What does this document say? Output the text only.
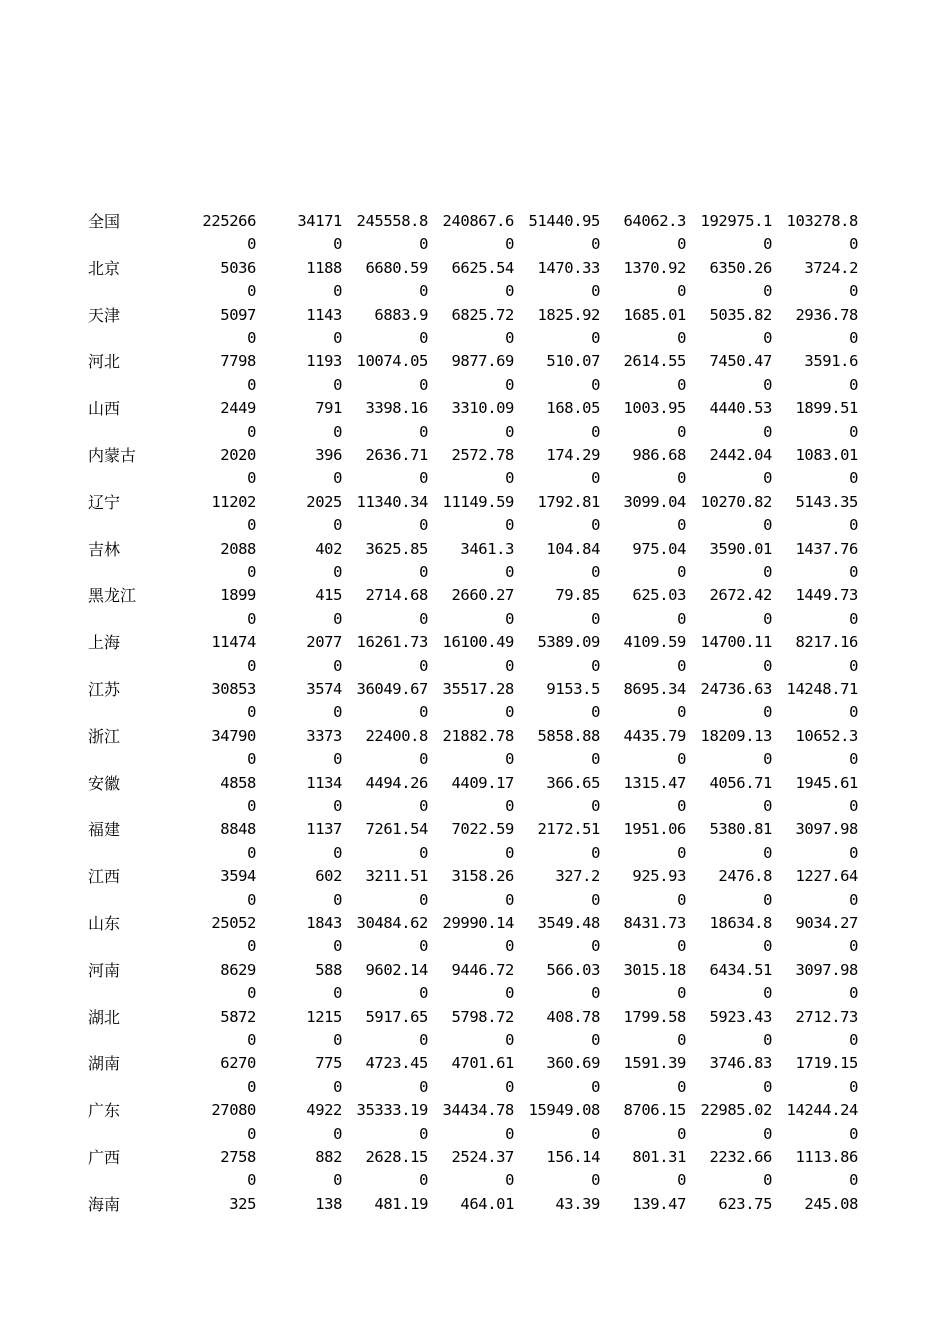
全国	225266	34171 245558.8 240867.6 51440.95	64062.3 192975.1 103278.8
0	0	0	0	0	0	0	0
北京	5036	1188	6680.59	6625.54	1470.33	1370.92	6350.26	3724.2
0	0	0	0	0	0	0	0
天津	5097	1143	6883.9	6825.72	1825.92	1685.01	5035.82	2936.78
0	0	0	0	0	0	0	0
河北	7798	1193 10074.05	9877.69	510.07	2614.55	7450.47	3591.6
0	0	0	0	0	0	0	0
山西	2449	791	3398.16	3310.09	168.05	1003.95	4440.53	1899.51
0	0	0	0	0	0	0	0
内蒙古	2020	396	2636.71	2572.78	174.29	986.68	2442.04	1083.01
0	0	0	0	0	0	0	0
辽宁	11202	2025 11340.34 11149.59	1792.81	3099.04 10270.82	5143.35
0	0	0	0	0	0	0	0
吉林	2088	402	3625.85	3461.3	104.84	975.04	3590.01	1437.76
0	0	0	0	0	0	0	0
黑龙江	1899	415	2714.68	2660.27	79.85	625.03	2672.42	1449.73
0	0	0	0	0	0	0	0
上海	11474	2077 16261.73 16100.49	5389.09	4109.59 14700.11	8217.16
0	0	0	0	0	0	0	0
江苏	30853	3574 36049.67 35517.28	9153.5	8695.34 24736.63 14248.71
0	0	0	0	0	0	0	0
浙江	34790	3373	22400.8 21882.78	5858.88	4435.79 18209.13	10652.3
0	0	0	0	0	0	0	0
安徽	4858	1134	4494.26	4409.17	366.65	1315.47	4056.71	1945.61
0	0	0	0	0	0	0	0
福建	8848	1137	7261.54	7022.59	2172.51	1951.06	5380.81	3097.98
0	0	0	0	0	0	0	0
江西	3594	602	3211.51	3158.26	327.2	925.93	2476.8	1227.64
0	0	0	0	0	0	0	0
山东	25052	1843 30484.62 29990.14	3549.48	8431.73	18634.8	9034.27
0	0	0	0	0	0	0	0
河南	8629	588	9602.14	9446.72	566.03	3015.18	6434.51	3097.98
0	0	0	0	0	0	0	0
湖北	5872	1215	5917.65	5798.72	408.78	1799.58	5923.43	2712.73
0	0	0	0	0	0	0	0
湖南	6270	775	4723.45	4701.61	360.69	1591.39	3746.83	1719.15
0	0	0	0	0	0	0	0
广东	27080	4922 35333.19 34434.78 15949.08	8706.15 22985.02 14244.24
0	0	0	0	0	0	0	0
广西	2758	882	2628.15	2524.37	156.14	801.31	2232.66	1113.86
0	0	0	0	0	0	0	0
海南	325	138	481.19	464.01	43.39	139.47	623.75	245.08
